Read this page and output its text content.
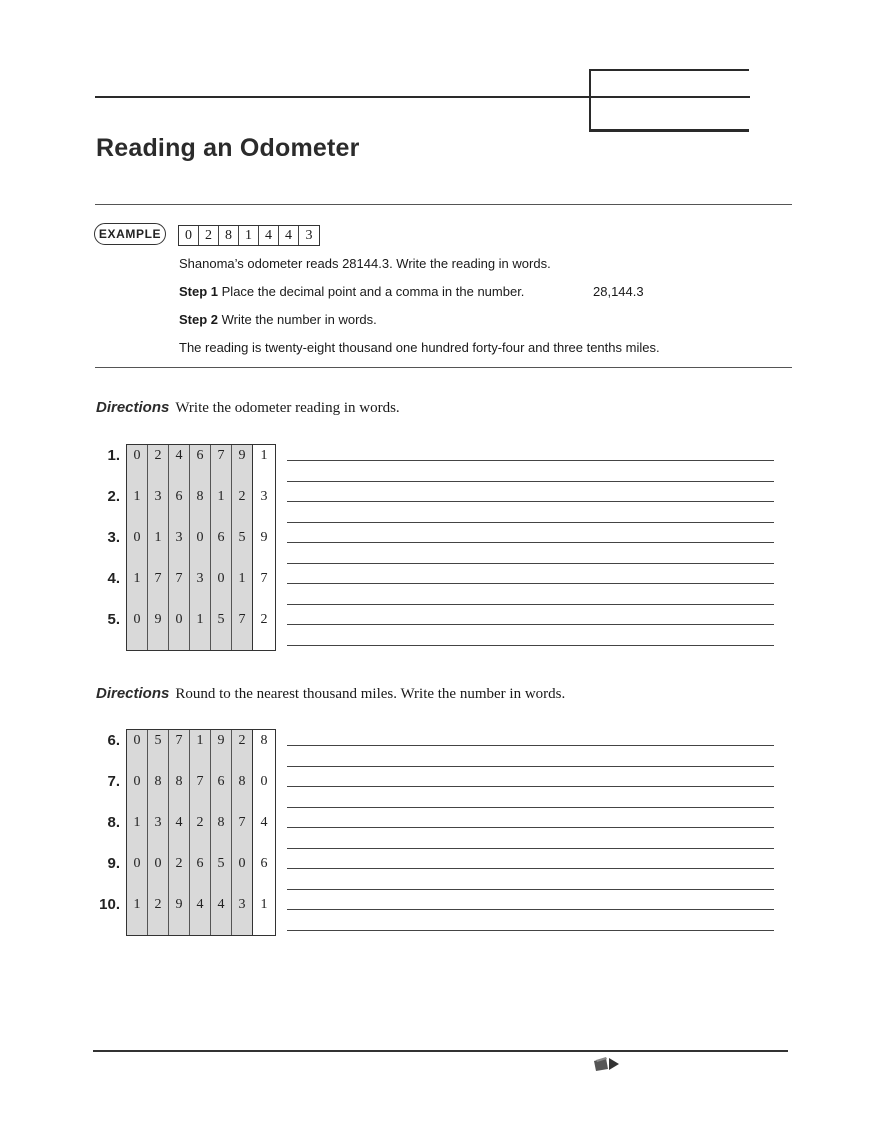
Reading an Odometer
EXAMPLE	0 2 8 1 4 4 3
Shanoma’s odometer reads 28144.3. Write the reading in words.
Step 1 Place the decimal point and a comma in the number.	28,144.3
Step 2 Write the number in words.
The reading is twenty-eight thousand one hundred forty-four and three tenths miles.
Directions Write the odometer reading in words.
1.
2.
3.
4.
5.
0	2	4	6	7	9	1
1	3	6	8	1	2	3
0	1	3	0	6	5	9
1	7	7	3	0	1	7
0	9	0	1	5	7	2
Directions Round to the nearest thousand miles. Write the number in words.
6.
7.
8.
9.
10.
0	5	7	1	9	2	8
0	8	8	7	6	8	0
1	3	4	2	8	7	4
0	0	2	6	5	0	6
1	2	9	4	4	3	1
